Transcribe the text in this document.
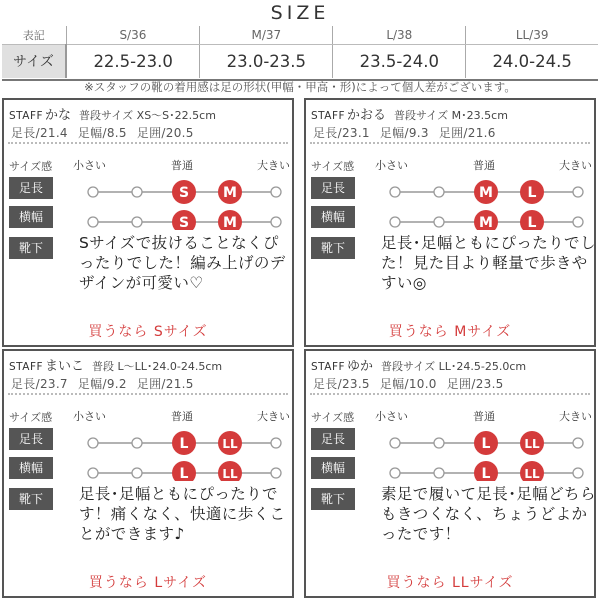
SIZE
表記	S/36	M/37	L/38	LL/39
サイズ	22.5-23.0	23.0-23.5	23.5-24.0	24.0-24.5
※スタッフの靴の着用感は足の形状(甲幅・甲高・形)によって個人差がございます。
STAFF かな 普段サイズ XS〜S･22.5cm
足長/21.4 足幅/8.5 足囲/20.5
サイズ感 小さい	普通	大きい
足長
横幅
靴下
S M
S M
Sサイズで抜けることなくぴったりでした！編み上げのデザインが可愛い♡
買うなら Sサイズ
STAFF かおる 普段サイズ M･23.5cm
足長/23.1 足幅/9.3 足囲/21.6
サイズ感 小さい	普通	大きい
足長
横幅
靴下
M L
M L
足長･足幅ともにぴったりでした！見た目より軽量で歩きやすい◎
買うなら Mサイズ
STAFF まいこ 普段 L〜LL･24.0-24.5cm
足長/23.7 足幅/9.2 足囲/21.5
サイズ感 小さい	普通	大きい
足長
横幅
靴下
L	LL
L	LL
足長･足幅ともにぴったりです！痛くなく、快適に歩くことができます♪
買うなら Lサイズ
STAFF ゆか 普段サイズ LL･24.5-25.0cm
足長/23.5 足幅/10.0 足囲/23.5
サイズ感 小さい	普通	大きい
足長
横幅
靴下
L	LL
L	LL
素足で履いて足長･足幅どちらもきつくなく、ちょうどよかったです！
買うなら LLサイズ
